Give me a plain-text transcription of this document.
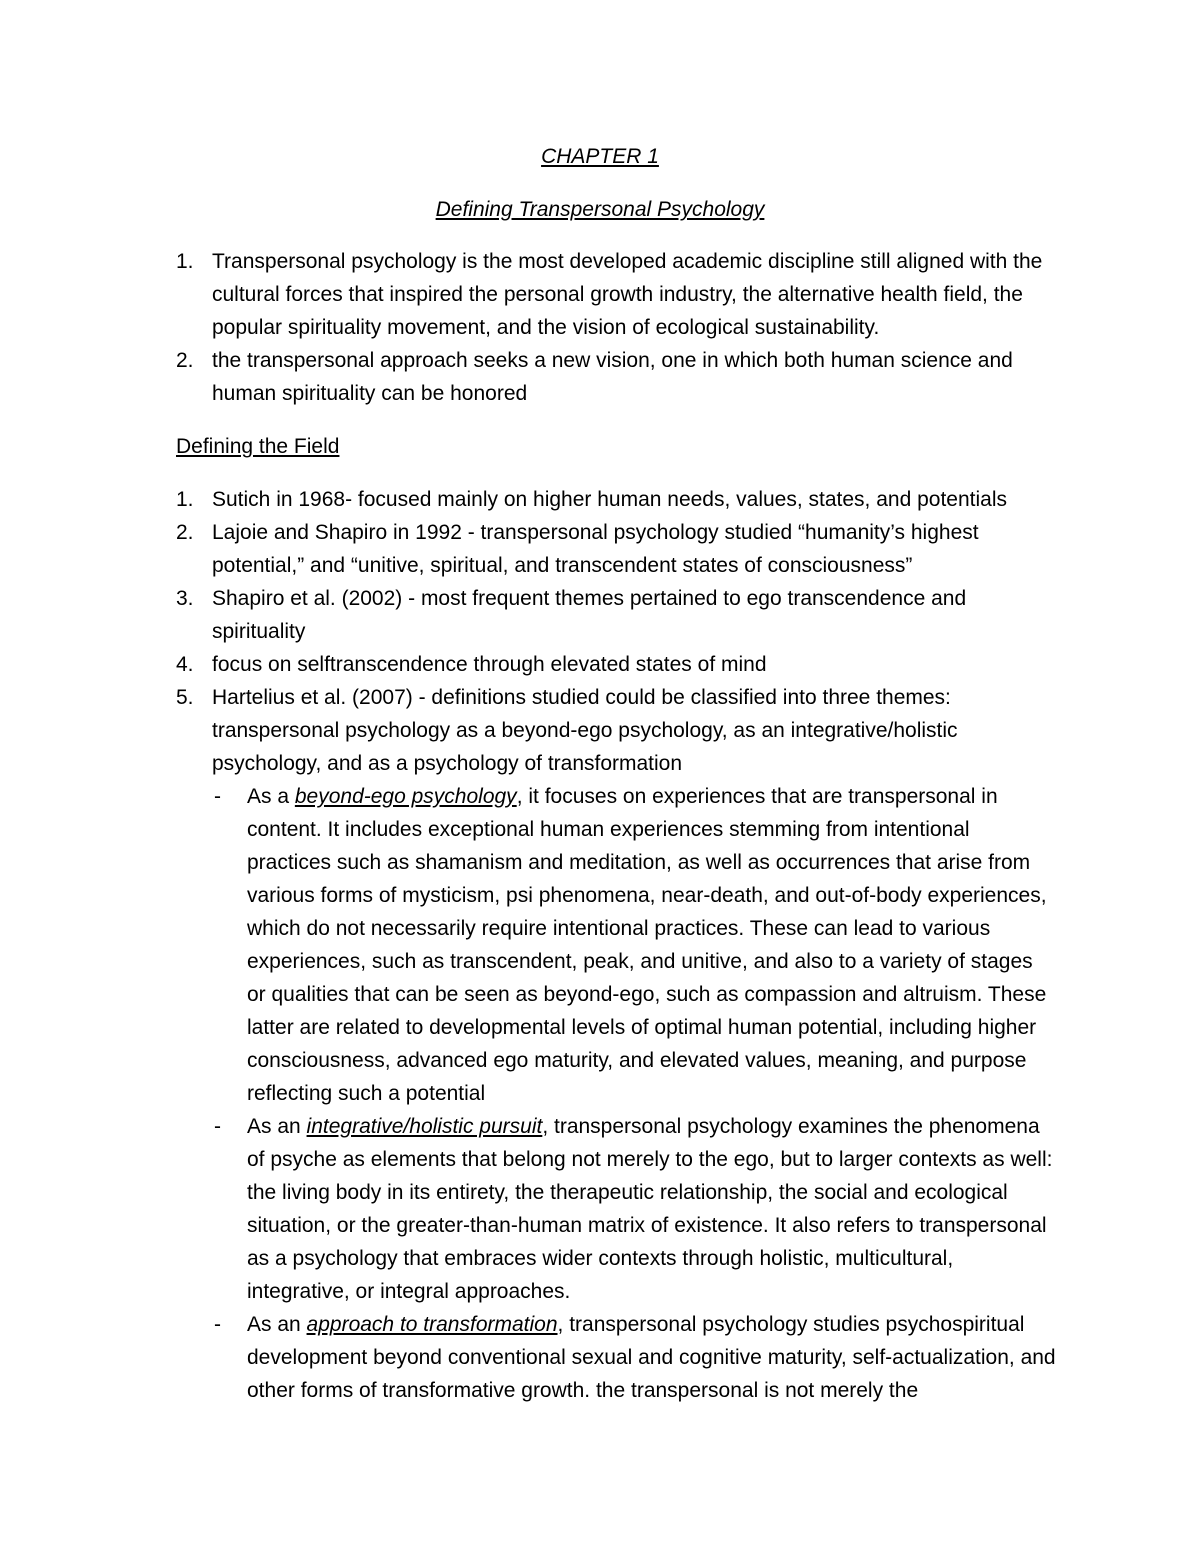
CHAPTER 1
Defining Transpersonal Psychology
1. Transpersonal psychology is the most developed academic discipline still aligned with the cultural forces that inspired the personal growth industry, the alternative health field, the popular spirituality movement, and the vision of ecological sustainability.
2. the transpersonal approach seeks a new vision, one in which both human science and human spirituality can be honored
Defining the Field
1. Sutich in 1968- focused mainly on higher human needs, values, states, and potentials
2. Lajoie and Shapiro in 1992 - transpersonal psychology studied “humanity’s highest potential,” and “unitive, spiritual, and transcendent states of consciousness”
3. Shapiro et al. (2002) - most frequent themes pertained to ego transcendence and spirituality
4. focus on selftranscendence through elevated states of mind
5. Hartelius et al. (2007) - definitions studied could be classified into three themes: transpersonal psychology as a beyond-ego psychology, as an integrative/holistic psychology, and as a psychology of transformation
- As a beyond-ego psychology, it focuses on experiences that are transpersonal in content. It includes exceptional human experiences stemming from intentional practices such as shamanism and meditation, as well as occurrences that arise from various forms of mysticism, psi phenomena, near-death, and out-of-body experiences, which do not necessarily require intentional practices. These can lead to various experiences, such as transcendent, peak, and unitive, and also to a variety of stages or qualities that can be seen as beyond-ego, such as compassion and altruism. These latter are related to developmental levels of optimal human potential, including higher consciousness, advanced ego maturity, and elevated values, meaning, and purpose reflecting such a potential
- As an integrative/holistic pursuit, transpersonal psychology examines the phenomena of psyche as elements that belong not merely to the ego, but to larger contexts as well: the living body in its entirety, the therapeutic relationship, the social and ecological situation, or the greater-than-human matrix of existence. It also refers to transpersonal as a psychology that embraces wider contexts through holistic, multicultural, integrative, or integral approaches.
- As an approach to transformation, transpersonal psychology studies psychospiritual development beyond conventional sexual and cognitive maturity, self-actualization, and other forms of transformative growth. the transpersonal is not merely the
